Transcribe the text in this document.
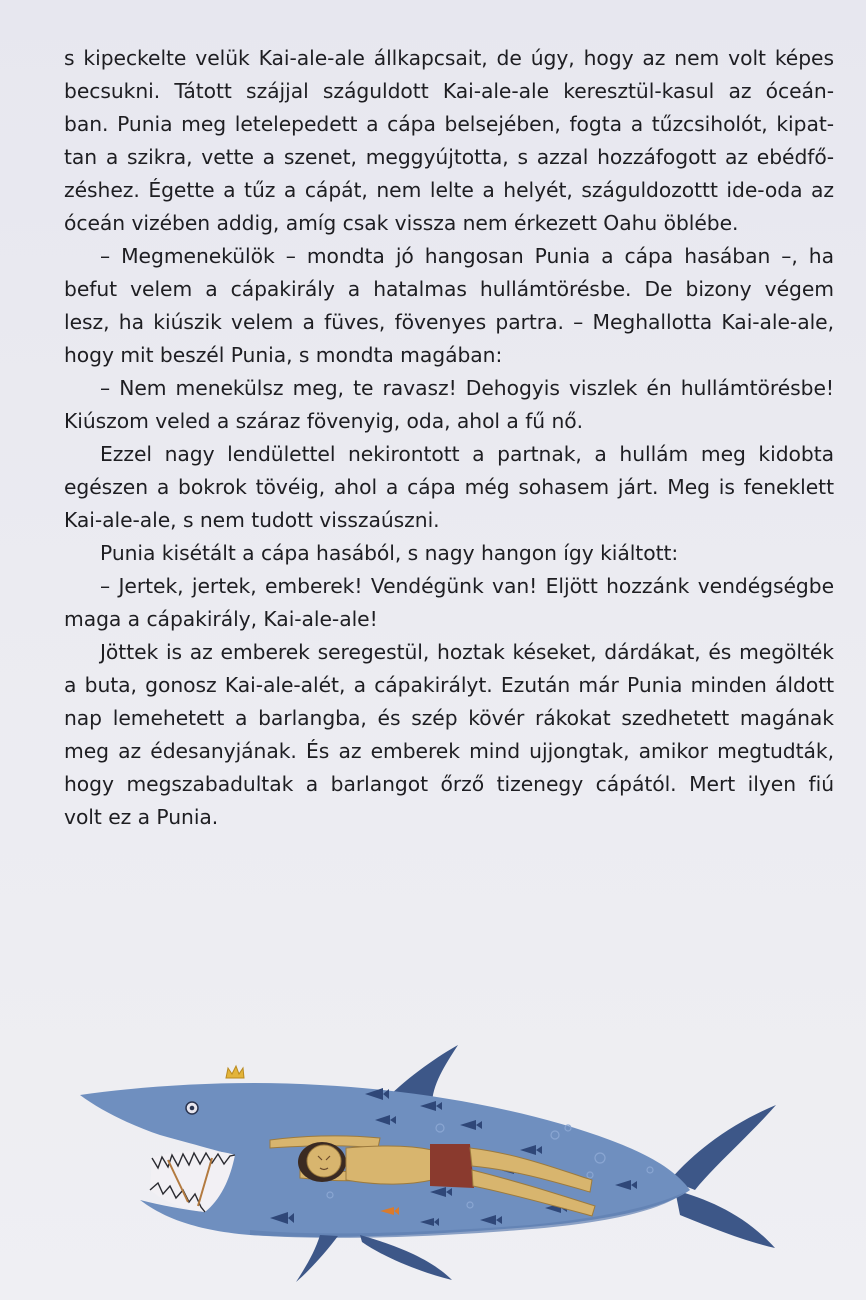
s kipeckelte velük Kai-ale-ale állkapcsait, de úgy, hogy az nem volt képes
becsukni. Tátott szájjal száguldott Kai-ale-ale keresztül-kasul az óceán-
ban. Punia meg letelepedett a cápa belsejében, fogta a tűzcsiholót, kipat-
tan a szikra, vette a szenet, meggyújtotta, s azzal hozzáfogott az ebédfő-
zéshez. Égette a tűz a cápát, nem lelte a helyét, száguldozottt ide-oda az
óceán vizében addig, amíg csak vissza nem érkezett Oahu öblébe.

– Megmenekülök – mondta jó hangosan Punia a cápa hasában –, ha
befut velem a cápakirály a hatalmas hullámtörésbe. De bizony végem
lesz, ha kiúszik velem a füves, fövenyes partra. – Meghallotta Kai-ale-ale,
hogy mit beszél Punia, s mondta magában:

– Nem menekülsz meg, te ravasz! Dehogyis viszlek én hullámtörésbe!
Kiúszom veled a száraz fövenyig, oda, ahol a fű nő.

Ezzel nagy lendülettel nekirontott a partnak, a hullám meg kidobta
egészen a bokrok tövéig, ahol a cápa még sohasem járt. Meg is feneklett
Kai-ale-ale, s nem tudott visszaúszni.

Punia kisétált a cápa hasából, s nagy hangon így kiáltott:

– Jertek, jertek, emberek! Vendégünk van! Eljött hozzánk vendégségbe
maga a cápakirály, Kai-ale-ale!

Jöttek is az emberek seregestül, hoztak késeket, dárdákat, és megölték
a buta, gonosz Kai-ale-alét, a cápakirályt. Ezután már Punia minden áldott
nap lemehetett a barlangba, és szép kövér rákokat szedhetett magának
meg az édesanyjának. És az emberek mind ujjongtak, amikor megtudták,
hogy megszabadultak a barlangot őrző tizenegy cápától. Mert ilyen fiú
volt ez a Punia.
